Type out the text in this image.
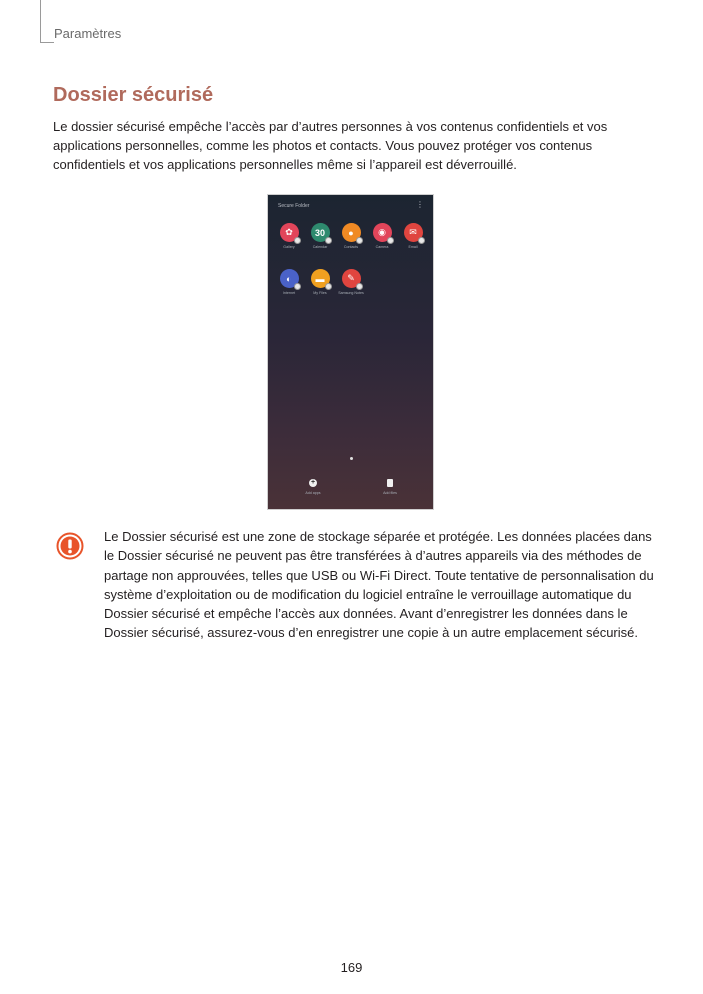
Paramètres
Dossier sécurisé

Le dossier sécurisé empêche l’accès par d’autres personnes à vos contenus confidentiels et vos applications personnelles, comme les photos et contacts. Vous pouvez protéger vos contenus confidentiels et vos applications personnelles même si l’appareil est déverrouillé.

Secure Folder	⋮
✿
Gallery
30
Calendar
●
Contacts
◉
Camera
✉
Email
◐
Internet
▬
My Files
✎
Samsung Notes
+
Add apps	Add files

Le Dossier sécurisé est une zone de stockage séparée et protégée. Les données placées dans le Dossier sécurisé ne peuvent pas être transférées à d’autres appareils via des méthodes de partage non approuvées, telles que USB ou Wi-Fi Direct. Toute tentative de personnalisation du système d’exploitation ou de modification du logiciel entraîne le verrouillage automatique du Dossier sécurisé et empêche l’accès aux données. Avant d’enregistrer les données dans le Dossier sécurisé, assurez-vous d’en enregistrer une copie à un autre emplacement sécurisé.

169
